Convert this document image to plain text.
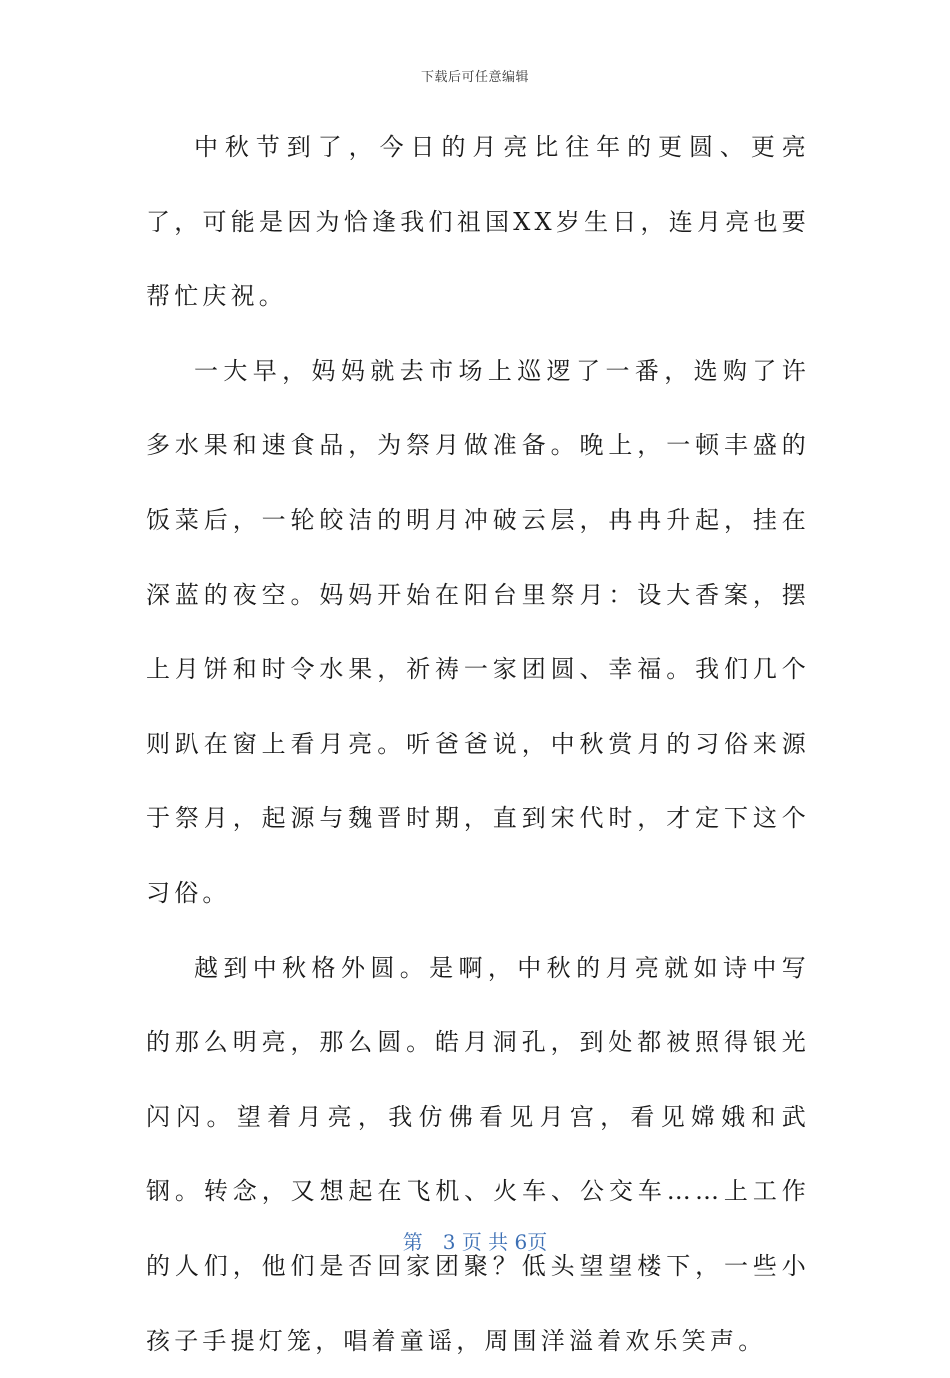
下载后可任意编辑

中秋节到了，今日的月亮比往年的更圆、更亮了，可能是因为恰逢我们祖国XX岁生日，连月亮也要帮忙庆祝。

一大早，妈妈就去市场上巡逻了一番，选购了许多水果和速食品，为祭月做准备。晚上，一顿丰盛的饭菜后，一轮皎洁的明月冲破云层，冉冉升起，挂在深蓝的夜空。妈妈开始在阳台里祭月：设大香案，摆上月饼和时令水果，祈祷一家团圆、幸福。我们几个则趴在窗上看月亮。听爸爸说，中秋赏月的习俗来源于祭月，起源与魏晋时期，直到宋代时，才定下这个习俗。

越到中秋格外圆。是啊，中秋的月亮就如诗中写的那么明亮，那么圆。皓月洞孔，到处都被照得银光闪闪。望着月亮，我仿佛看见月宫，看见嫦娥和武钢。转念，又想起在飞机、火车、公交车……上工作的人们，他们是否回家团聚？低头望望楼下，一些小孩子手提灯笼，唱着童谣，周围洋溢着欢乐笑声。

第　3 页 共 6页
